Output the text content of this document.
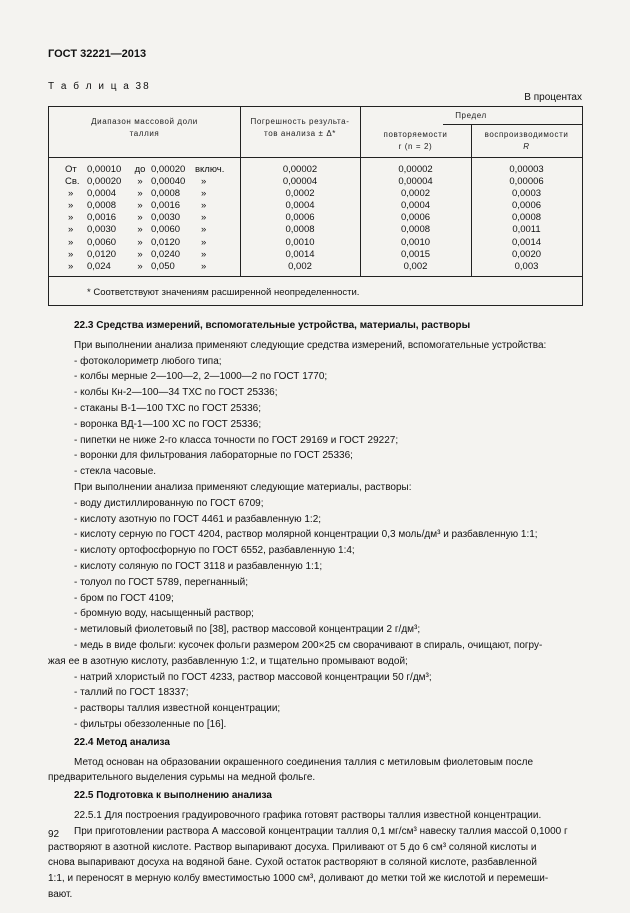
ГОСТ 32221—2013
Т а б л и ц а 38
В процентах
Диапазон массовой доли
таллия
Погрешность результа-
тов анализа ± Δ*
Предел
повторяемости
r (n = 2)
воспроизводимости
R
От
Св.
»
»
»
»
»
»
»
0,00010
0,00020
0,0004
0,0008
0,0016
0,0030
0,0060
0,0120
0,024
до
»
»
»
»
»
»
»
»
0,00020
0,00040
0,0008
0,0016
0,0030
0,0060
0,0120
0,0240
0,050
включ.
»
»
»
»
»
»
»
»
0,00002
0,00004
0,0002
0,0004
0,0006
0,0008
0,0010
0,0014
0,002
0,00002
0,00004
0,0002
0,0004
0,0006
0,0008
0,0010
0,0015
0,002
0,00003
0,00006
0,0003
0,0006
0,0008
0,0011
0,0014
0,0020
0,003
* Соответствуют значениям расширенной неопределенности.

22.3 Средства измерений, вспомогательные устройства, материалы, растворы

При выполнении анализа применяют следующие средства измерений, вспомогательные устройства:

- фотоколориметр любого типа;

- колбы мерные 2—100—2, 2—1000—2 по ГОСТ 1770;

- колбы Кн-2—100—34 ТХС по ГОСТ 25336;

- стаканы В-1—100 ТХС по ГОСТ 25336;

- воронка ВД-1—100 ХС по ГОСТ 25336;

- пипетки не ниже 2-го класса точности по ГОСТ 29169 и ГОСТ 29227;

- воронки для фильтрования лабораторные по ГОСТ 25336;

- стекла часовые.

При выполнении анализа применяют следующие материалы, растворы:

- воду дистиллированную по ГОСТ 6709;

- кислоту азотную по ГОСТ 4461 и разбавленную 1:2;

- кислоту серную по ГОСТ 4204, раствор молярной концентрации 0,3 моль/дм³ и разбавленную 1:1;

- кислоту ортофосфорную по ГОСТ 6552, разбавленную 1:4;

- кислоту соляную по ГОСТ 3118 и разбавленную 1:1;

- толуол по ГОСТ 5789, перегнанный;

- бром по ГОСТ 4109;

- бромную воду, насыщенный раствор;

- метиловый фиолетовый по [38], раствор массовой концентрации 2 г/дм³;

- медь в виде фольги: кусочек фольги размером 200×25 см сворачивают в спираль, очищают, погру-

жая ее в азотную кислоту, разбавленную 1:2, и тщательно промывают водой;

- натрий хлористый по ГОСТ 4233, раствор массовой концентрации 50 г/дм³;

- таллий по ГОСТ 18337;

- растворы таллия известной концентрации;

- фильтры обеззоленные по [16].

22.4 Метод анализа

Метод основан на образовании окрашенного соединения таллия с метиловым фиолетовым после

предварительного выделения сурьмы на медной фольге.

22.5 Подготовка к выполнению анализа

22.5.1 Для построения градуировочного графика готовят растворы таллия известной концентрации.

При приготовлении раствора А массовой концентрации таллия 0,1 мг/см³ навеску таллия массой 0,1000 г

растворяют в азотной кислоте. Раствор выпаривают досуха. Приливают от 5 до 6 см³ соляной кислоты и

снова выпаривают досуха на водяной бане. Сухой остаток растворяют в соляной кислоте, разбавленной

1:1, и переносят в мерную колбу вместимостью 1000 см³, доливают до метки той же кислотой и перемеши-

вают.

92
